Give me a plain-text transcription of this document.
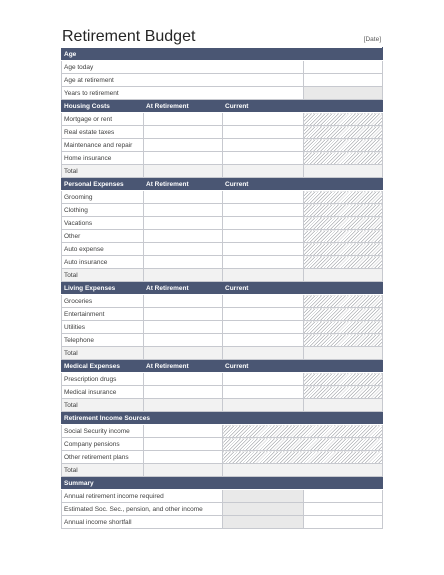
Retirement Budget	[Date]
Age			
Age today			
Age at retirement			
Years to retirement			
Housing Costs	At Retirement	Current	
Mortgage or rent			
Real estate taxes			
Maintenance and repair			
Home insurance			
Total			
Personal Expenses	At Retirement	Current	
Grooming			
Clothing			
Vacations			
Other			
Auto expense			
Auto insurance			
Total			
Living Expenses	At Retirement	Current	
Groceries			
Entertainment			
Utilities			
Telephone			
Total			
Medical Expenses	At Retirement	Current	
Prescription drugs			
Medical insurance			
Total			
Retirement Income Sources			
Social Security income			
Company pensions			
Other retirement plans			
Total			
Summary			
Annual retirement income required			
Estimated Soc. Sec., pension, and other income			
Annual income shortfall			
